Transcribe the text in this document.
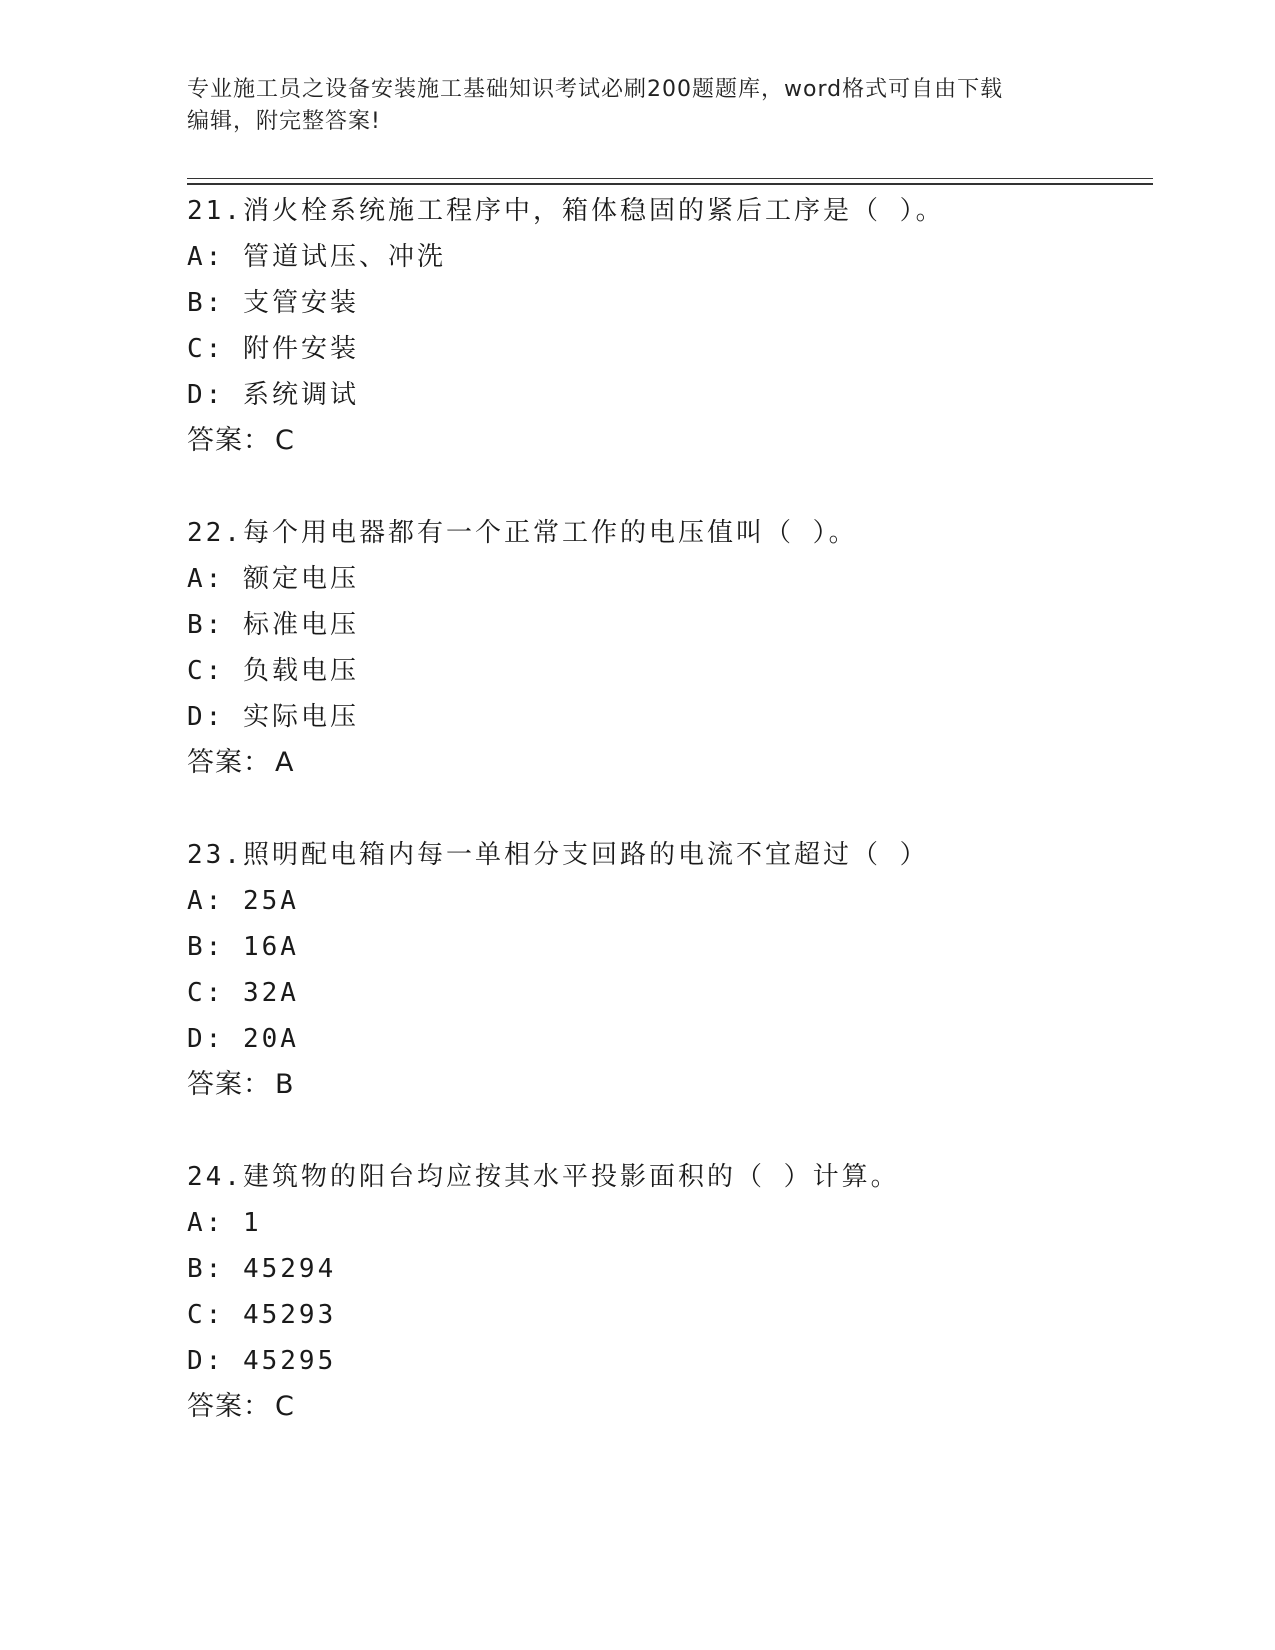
专业施工员之设备安装施工基础知识考试必刷200题题库，word格式可自由下载
编辑，附完整答案!
21.消火栓系统施工程序中，箱体稳固的紧后工序是（ ）。
A: 管道试压、冲洗
B: 支管安装
C: 附件安装
D: 系统调试
答案： C
22.每个用电器都有一个正常工作的电压值叫（ ）。
A: 额定电压
B: 标准电压
C: 负载电压
D: 实际电压
答案： A
23.照明配电箱内每一单相分支回路的电流不宜超过（ ）
A: 25A
B: 16A
C: 32A
D: 20A
答案： B
24.建筑物的阳台均应按其水平投影面积的（ ）计算。
A: 1
B: 45294
C: 45293
D: 45295
答案： C
